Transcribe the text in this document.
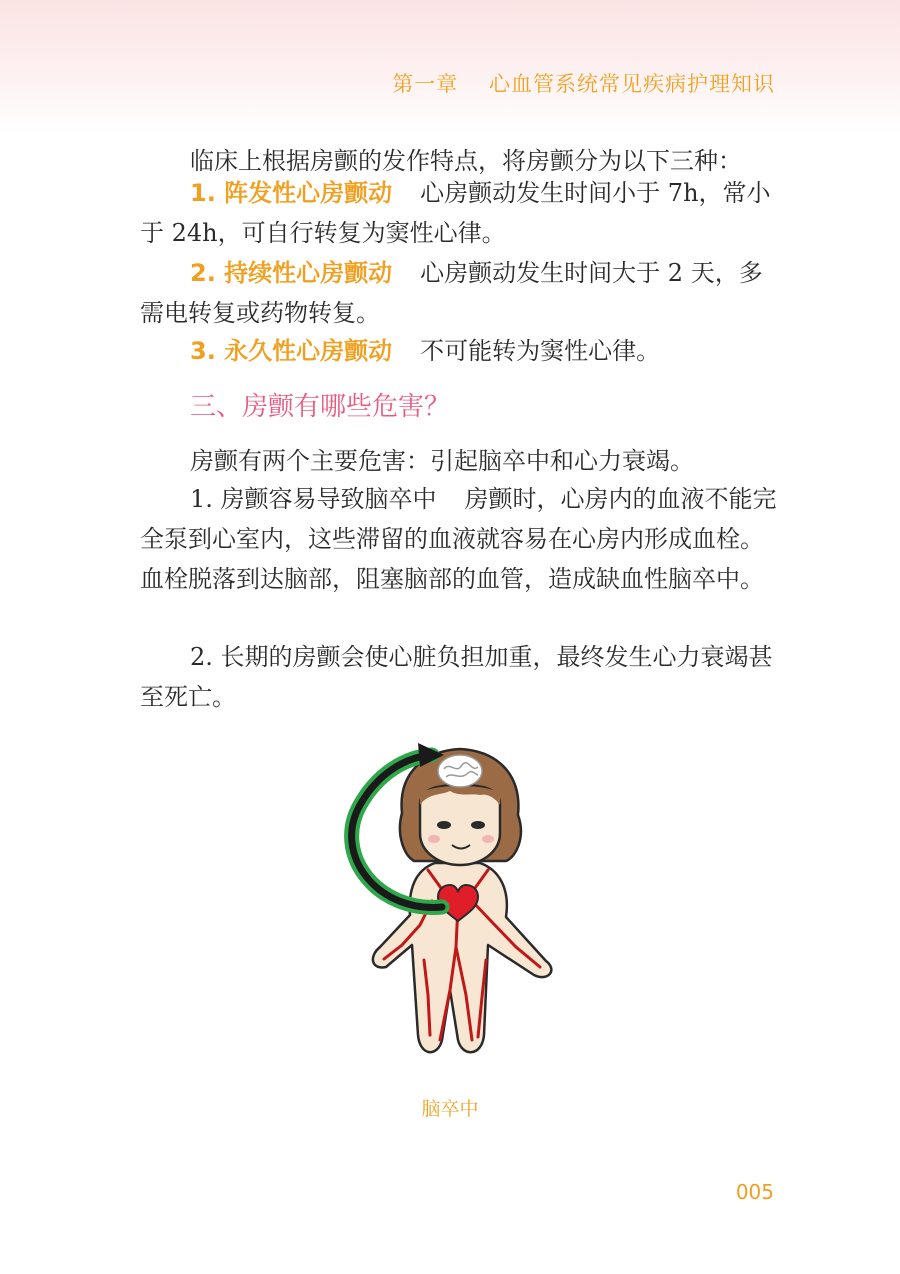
第一章    心血管系统常见疾病护理知识

临床上根据房颤的发作特点，将房颤分为以下三种：

1. 阵发性心房颤动 心房颤动发生时间小于 7h，常小于 24h，可自行转复为窦性心律。

2. 持续性心房颤动 心房颤动发生时间大于 2 天，多需电转复或药物转复。

3. 永久性心房颤动 不可能转为窦性心律。

三、房颤有哪些危害？

房颤有两个主要危害：引起脑卒中和心力衰竭。

1. 房颤容易导致脑卒中 房颤时，心房内的血液不能完全泵到心室内，这些滞留的血液就容易在心房内形成血栓。血栓脱落到达脑部，阻塞脑部的血管，造成缺血性脑卒中。

2. 长期的房颤会使心脏负担加重，最终发生心力衰竭甚至死亡。

脑卒中
005
